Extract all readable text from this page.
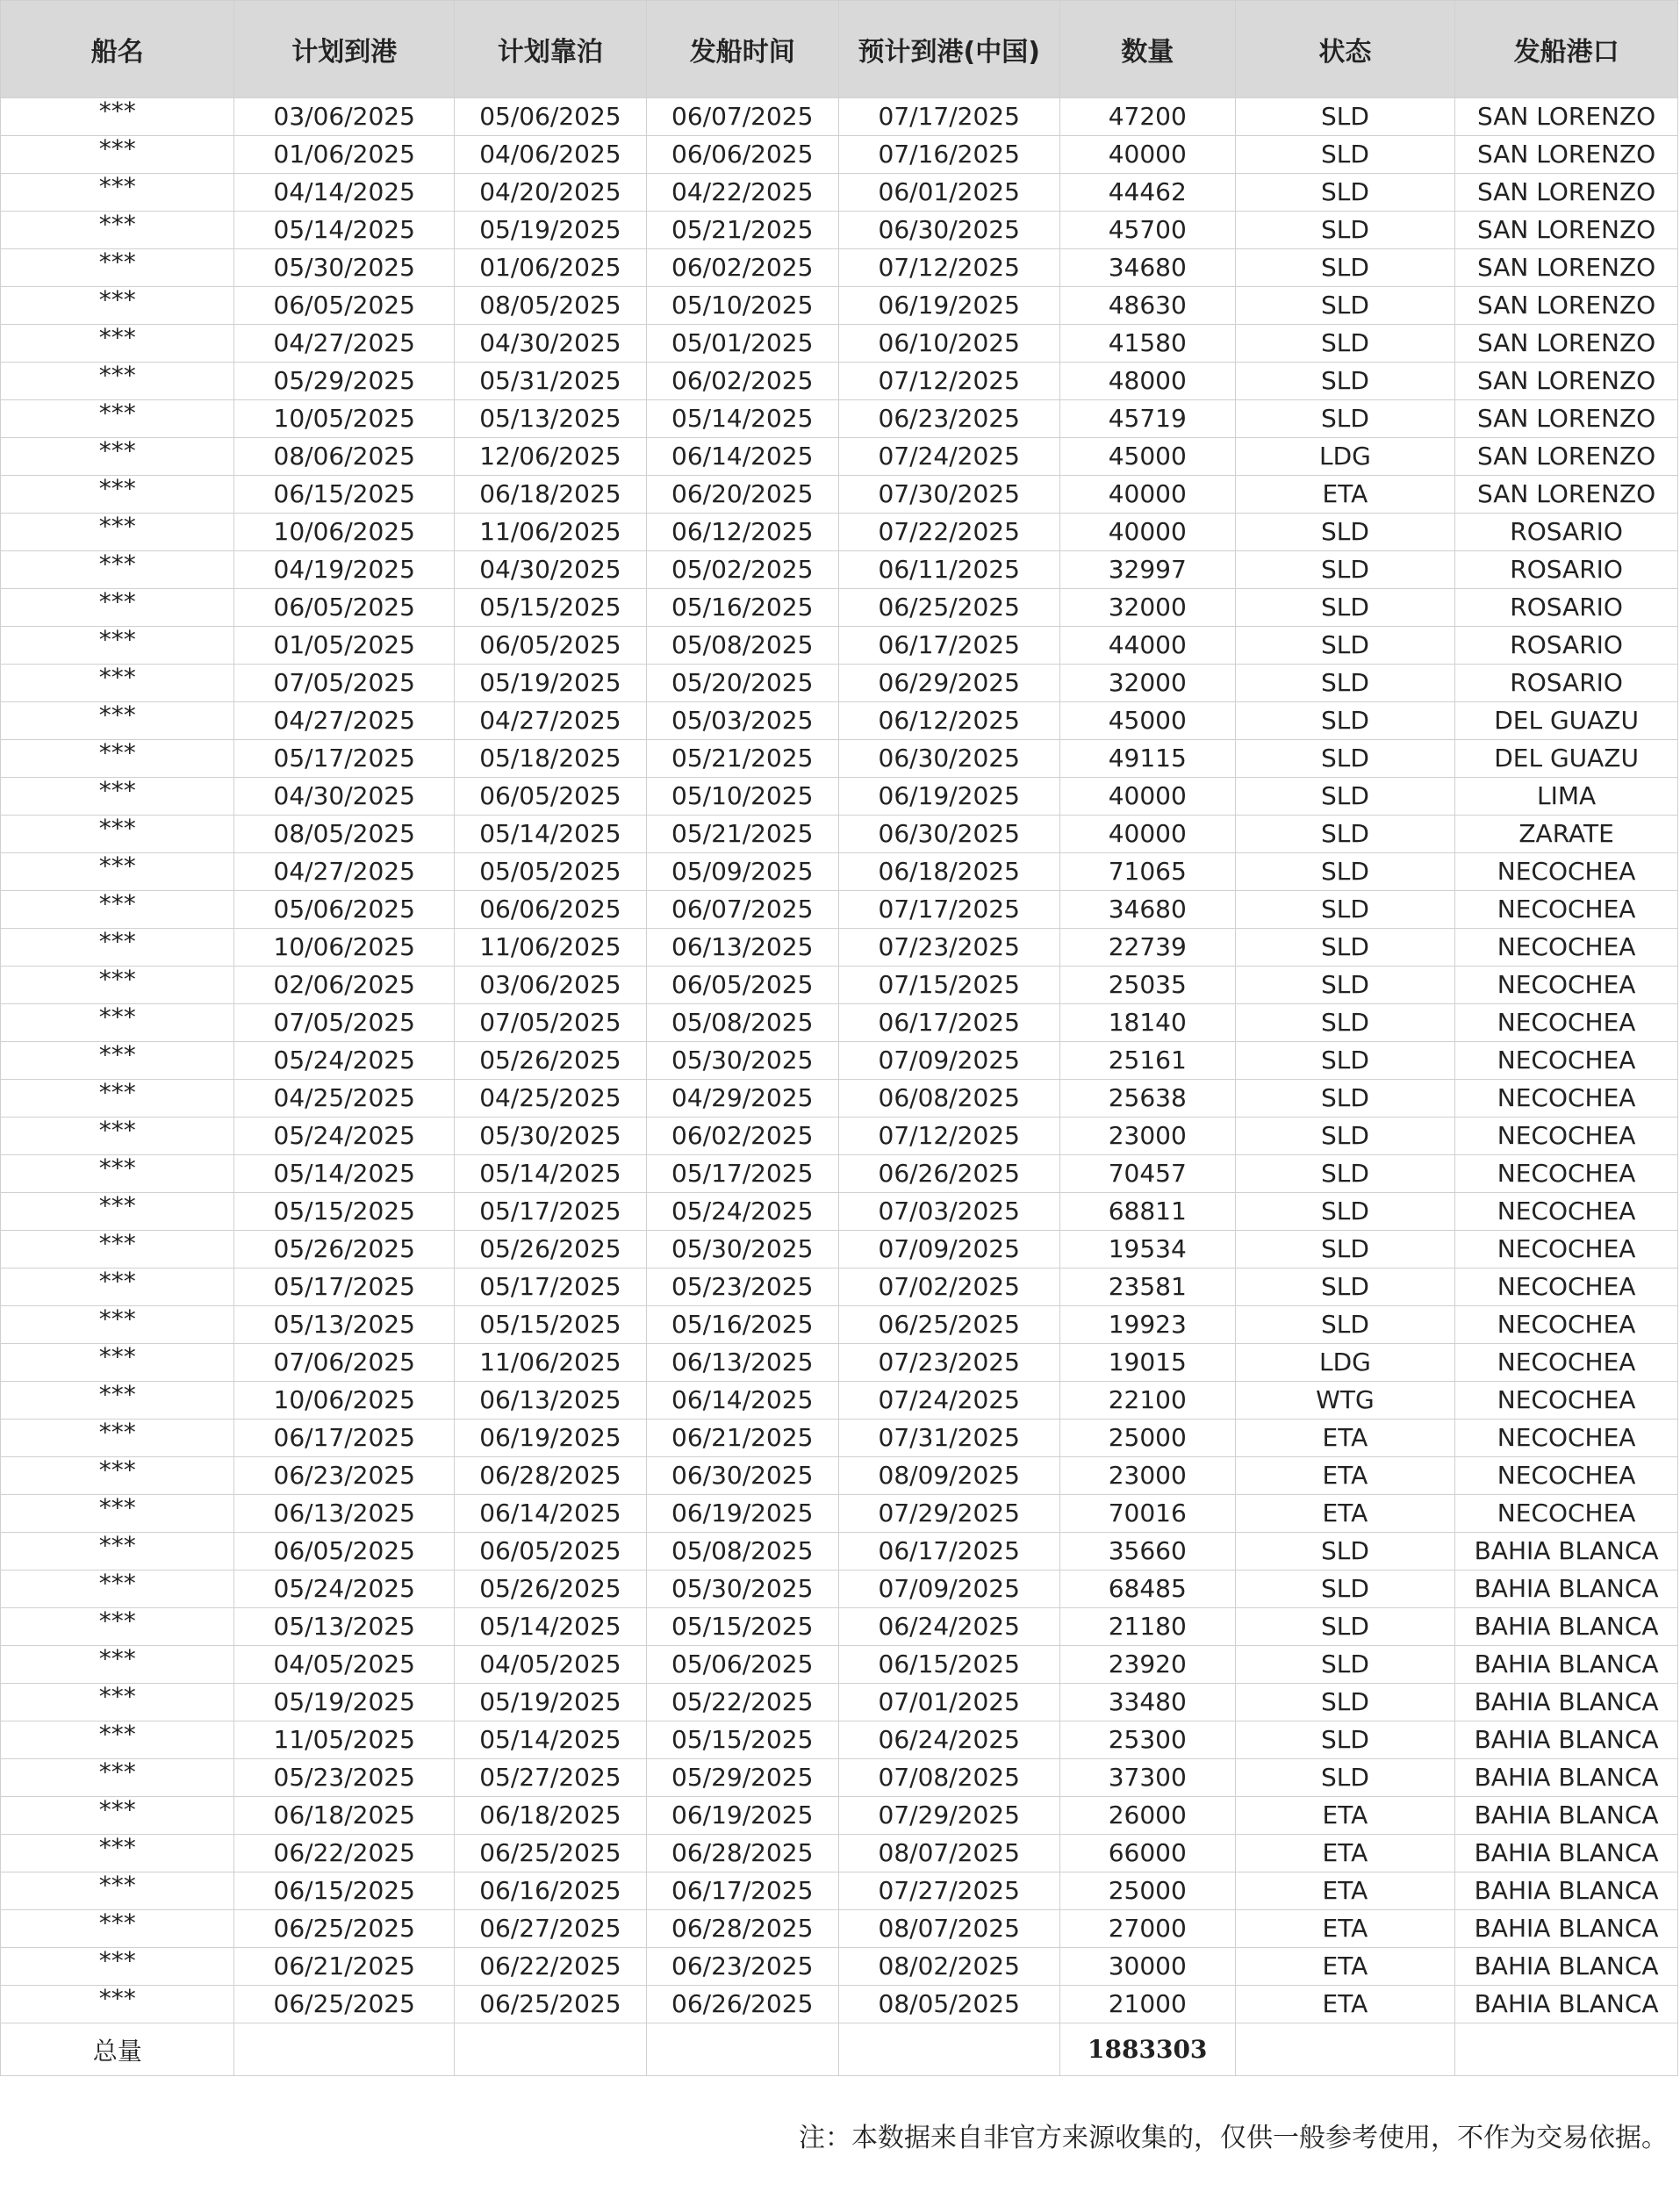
船名	计划到港	计划靠泊	发船时间	预计到港(中国)	数量	状态	发船港口
***	03/06/2025	05/06/2025	06/07/2025	07/17/2025	47200	SLD	SAN LORENZO
***	01/06/2025	04/06/2025	06/06/2025	07/16/2025	40000	SLD	SAN LORENZO
***	04/14/2025	04/20/2025	04/22/2025	06/01/2025	44462	SLD	SAN LORENZO
***	05/14/2025	05/19/2025	05/21/2025	06/30/2025	45700	SLD	SAN LORENZO
***	05/30/2025	01/06/2025	06/02/2025	07/12/2025	34680	SLD	SAN LORENZO
***	06/05/2025	08/05/2025	05/10/2025	06/19/2025	48630	SLD	SAN LORENZO
***	04/27/2025	04/30/2025	05/01/2025	06/10/2025	41580	SLD	SAN LORENZO
***	05/29/2025	05/31/2025	06/02/2025	07/12/2025	48000	SLD	SAN LORENZO
***	10/05/2025	05/13/2025	05/14/2025	06/23/2025	45719	SLD	SAN LORENZO
***	08/06/2025	12/06/2025	06/14/2025	07/24/2025	45000	LDG	SAN LORENZO
***	06/15/2025	06/18/2025	06/20/2025	07/30/2025	40000	ETA	SAN LORENZO
***	10/06/2025	11/06/2025	06/12/2025	07/22/2025	40000	SLD	ROSARIO
***	04/19/2025	04/30/2025	05/02/2025	06/11/2025	32997	SLD	ROSARIO
***	06/05/2025	05/15/2025	05/16/2025	06/25/2025	32000	SLD	ROSARIO
***	01/05/2025	06/05/2025	05/08/2025	06/17/2025	44000	SLD	ROSARIO
***	07/05/2025	05/19/2025	05/20/2025	06/29/2025	32000	SLD	ROSARIO
***	04/27/2025	04/27/2025	05/03/2025	06/12/2025	45000	SLD	DEL GUAZU
***	05/17/2025	05/18/2025	05/21/2025	06/30/2025	49115	SLD	DEL GUAZU
***	04/30/2025	06/05/2025	05/10/2025	06/19/2025	40000	SLD	LIMA
***	08/05/2025	05/14/2025	05/21/2025	06/30/2025	40000	SLD	ZARATE
***	04/27/2025	05/05/2025	05/09/2025	06/18/2025	71065	SLD	NECOCHEA
***	05/06/2025	06/06/2025	06/07/2025	07/17/2025	34680	SLD	NECOCHEA
***	10/06/2025	11/06/2025	06/13/2025	07/23/2025	22739	SLD	NECOCHEA
***	02/06/2025	03/06/2025	06/05/2025	07/15/2025	25035	SLD	NECOCHEA
***	07/05/2025	07/05/2025	05/08/2025	06/17/2025	18140	SLD	NECOCHEA
***	05/24/2025	05/26/2025	05/30/2025	07/09/2025	25161	SLD	NECOCHEA
***	04/25/2025	04/25/2025	04/29/2025	06/08/2025	25638	SLD	NECOCHEA
***	05/24/2025	05/30/2025	06/02/2025	07/12/2025	23000	SLD	NECOCHEA
***	05/14/2025	05/14/2025	05/17/2025	06/26/2025	70457	SLD	NECOCHEA
***	05/15/2025	05/17/2025	05/24/2025	07/03/2025	68811	SLD	NECOCHEA
***	05/26/2025	05/26/2025	05/30/2025	07/09/2025	19534	SLD	NECOCHEA
***	05/17/2025	05/17/2025	05/23/2025	07/02/2025	23581	SLD	NECOCHEA
***	05/13/2025	05/15/2025	05/16/2025	06/25/2025	19923	SLD	NECOCHEA
***	07/06/2025	11/06/2025	06/13/2025	07/23/2025	19015	LDG	NECOCHEA
***	10/06/2025	06/13/2025	06/14/2025	07/24/2025	22100	WTG	NECOCHEA
***	06/17/2025	06/19/2025	06/21/2025	07/31/2025	25000	ETA	NECOCHEA
***	06/23/2025	06/28/2025	06/30/2025	08/09/2025	23000	ETA	NECOCHEA
***	06/13/2025	06/14/2025	06/19/2025	07/29/2025	70016	ETA	NECOCHEA
***	06/05/2025	06/05/2025	05/08/2025	06/17/2025	35660	SLD	BAHIA BLANCA
***	05/24/2025	05/26/2025	05/30/2025	07/09/2025	68485	SLD	BAHIA BLANCA
***	05/13/2025	05/14/2025	05/15/2025	06/24/2025	21180	SLD	BAHIA BLANCA
***	04/05/2025	04/05/2025	05/06/2025	06/15/2025	23920	SLD	BAHIA BLANCA
***	05/19/2025	05/19/2025	05/22/2025	07/01/2025	33480	SLD	BAHIA BLANCA
***	11/05/2025	05/14/2025	05/15/2025	06/24/2025	25300	SLD	BAHIA BLANCA
***	05/23/2025	05/27/2025	05/29/2025	07/08/2025	37300	SLD	BAHIA BLANCA
***	06/18/2025	06/18/2025	06/19/2025	07/29/2025	26000	ETA	BAHIA BLANCA
***	06/22/2025	06/25/2025	06/28/2025	08/07/2025	66000	ETA	BAHIA BLANCA
***	06/15/2025	06/16/2025	06/17/2025	07/27/2025	25000	ETA	BAHIA BLANCA
***	06/25/2025	06/27/2025	06/28/2025	08/07/2025	27000	ETA	BAHIA BLANCA
***	06/21/2025	06/22/2025	06/23/2025	08/02/2025	30000	ETA	BAHIA BLANCA
***	06/25/2025	06/25/2025	06/26/2025	08/05/2025	21000	ETA	BAHIA BLANCA
总量					1883303		
注：本数据来自非官方来源收集的，仅供一般参考使用，不作为交易依据。
